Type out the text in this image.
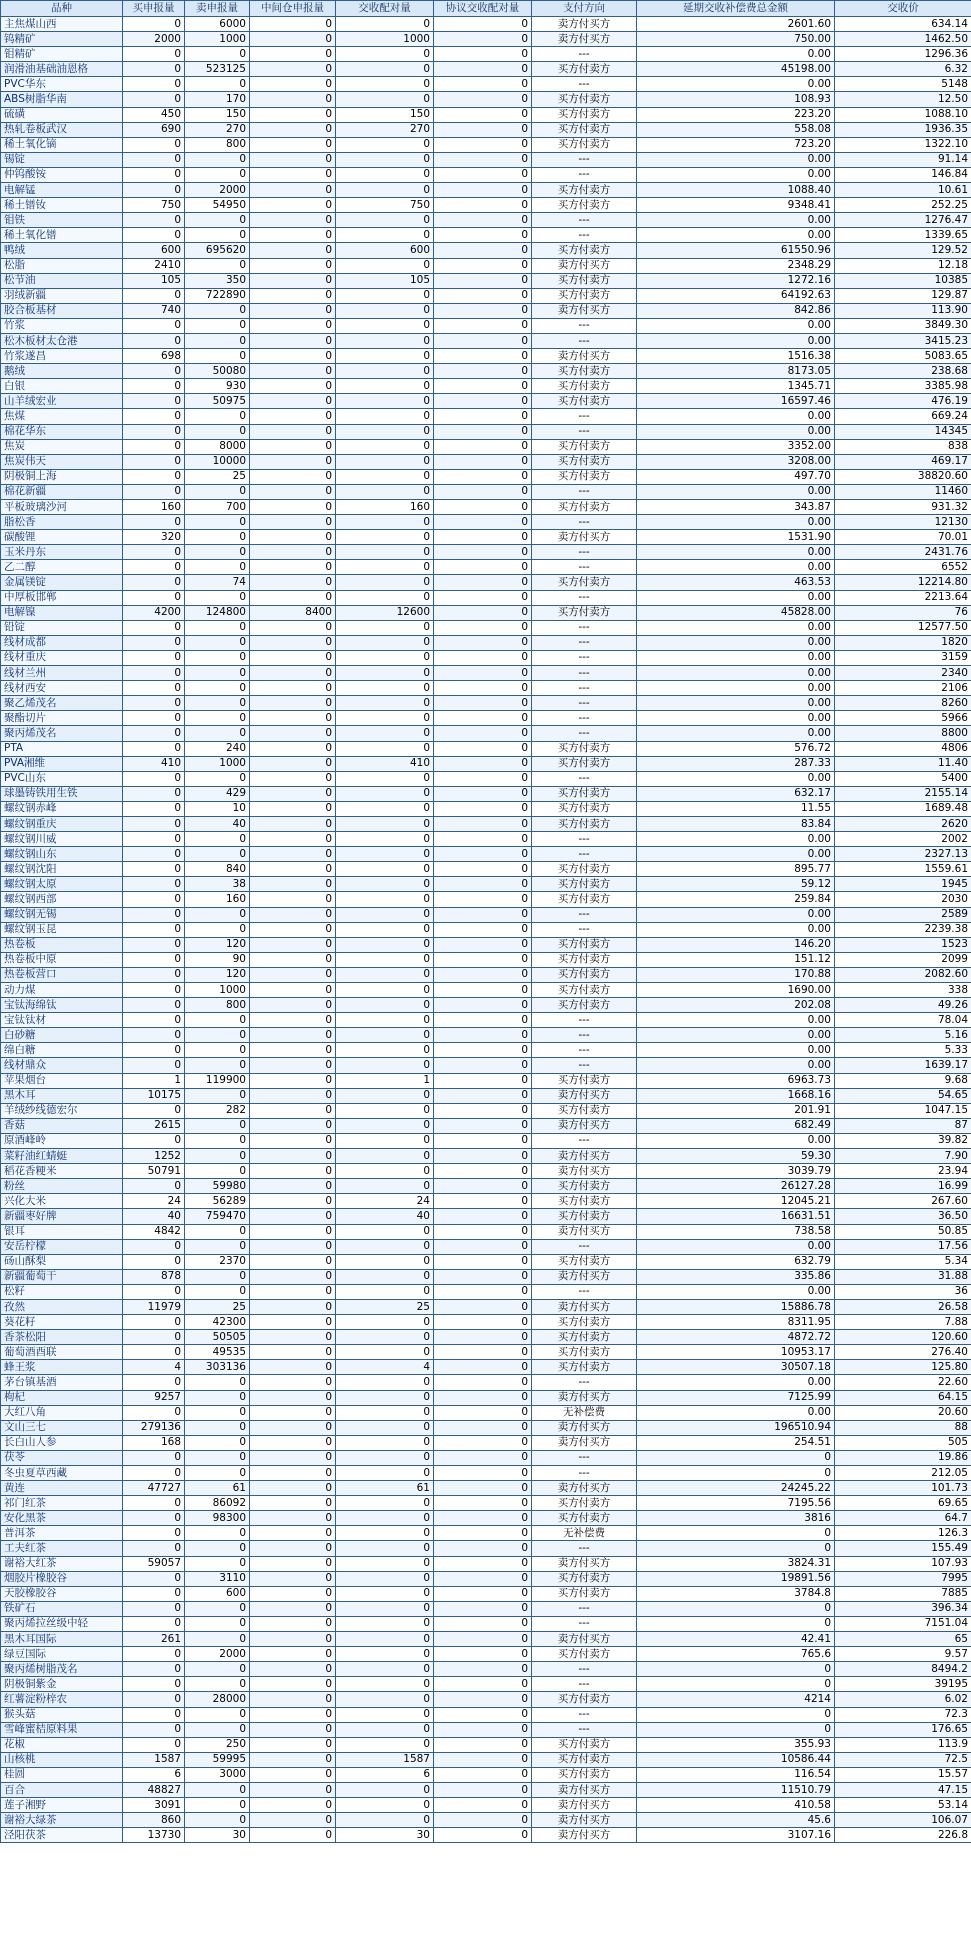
品种	买申报量	卖申报量	中间仓申报量	交收配对量	协议交收配对量	支付方向	延期交收补偿费总金额	交收价
主焦煤山西	0	6000	0	0	0	卖方付买方	2601.60	634.14
钨精矿	2000	1000	0	1000	0	卖方付买方	750.00	1462.50
钼精矿	0	0	0	0	0	---	0.00	1296.36
润滑油基础油恩格	0	523125	0	0	0	买方付卖方	45198.00	6.32
PVC华东	0	0	0	0	0	---	0.00	5148
ABS树脂华南	0	170	0	0	0	买方付卖方	108.93	12.50
硫磺	450	150	0	150	0	买方付卖方	223.20	1088.10
热轧卷板武汉	690	270	0	270	0	买方付卖方	558.08	1936.35
稀土氧化镝	0	800	0	0	0	买方付卖方	723.20	1322.10
锡锭	0	0	0	0	0	---	0.00	91.14
仲钨酸铵	0	0	0	0	0	---	0.00	146.84
电解锰	0	2000	0	0	0	买方付卖方	1088.40	10.61
稀土镨钕	750	54950	0	750	0	买方付卖方	9348.41	252.25
钼铁	0	0	0	0	0	---	0.00	1276.47
稀土氧化镨	0	0	0	0	0	---	0.00	1339.65
鸭绒	600	695620	0	600	0	买方付卖方	61550.96	129.52
松脂	2410	0	0	0	0	卖方付买方	2348.29	12.18
松节油	105	350	0	105	0	买方付卖方	1272.16	10385
羽绒新疆	0	722890	0	0	0	买方付卖方	64192.63	129.87
胶合板基材	740	0	0	0	0	卖方付买方	842.86	113.90
竹浆	0	0	0	0	0	---	0.00	3849.30
松木板材太仓港	0	0	0	0	0	---	0.00	3415.23
竹浆遂昌	698	0	0	0	0	卖方付买方	1516.38	5083.65
鹅绒	0	50080	0	0	0	买方付卖方	8173.05	238.68
白银	0	930	0	0	0	买方付卖方	1345.71	3385.98
山羊绒宏业	0	50975	0	0	0	买方付卖方	16597.46	476.19
焦煤	0	0	0	0	0	---	0.00	669.24
棉花华东	0	0	0	0	0	---	0.00	14345
焦炭	0	8000	0	0	0	买方付卖方	3352.00	838
焦炭伟天	0	10000	0	0	0	买方付卖方	3208.00	469.17
阴极铜上海	0	25	0	0	0	买方付卖方	497.70	38820.60
棉花新疆	0	0	0	0	0	---	0.00	11460
平板玻璃沙河	160	700	0	160	0	买方付卖方	343.87	931.32
脂松香	0	0	0	0	0	---	0.00	12130
碳酸锂	320	0	0	0	0	卖方付买方	1531.90	70.01
玉米丹东	0	0	0	0	0	---	0.00	2431.76
乙二醇	0	0	0	0	0	---	0.00	6552
金属镁锭	0	74	0	0	0	买方付卖方	463.53	12214.80
中厚板邯郸	0	0	0	0	0	---	0.00	2213.64
电解镍	4200	124800	8400	12600	0	买方付卖方	45828.00	76
铅锭	0	0	0	0	0	---	0.00	12577.50
线材成都	0	0	0	0	0	---	0.00	1820
线材重庆	0	0	0	0	0	---	0.00	3159
线材兰州	0	0	0	0	0	---	0.00	2340
线材西安	0	0	0	0	0	---	0.00	2106
聚乙烯茂名	0	0	0	0	0	---	0.00	8260
聚酯切片	0	0	0	0	0	---	0.00	5966
聚丙烯茂名	0	0	0	0	0	---	0.00	8800
PTA	0	240	0	0	0	买方付卖方	576.72	4806
PVA湘维	410	1000	0	410	0	买方付卖方	287.33	11.40
PVC山东	0	0	0	0	0	---	0.00	5400
球墨铸铁用生铁	0	429	0	0	0	买方付卖方	632.17	2155.14
螺纹钢赤峰	0	10	0	0	0	买方付卖方	11.55	1689.48
螺纹钢重庆	0	40	0	0	0	买方付卖方	83.84	2620
螺纹钢川威	0	0	0	0	0	---	0.00	2002
螺纹钢山东	0	0	0	0	0	---	0.00	2327.13
螺纹钢沈阳	0	840	0	0	0	买方付卖方	895.77	1559.61
螺纹钢太原	0	38	0	0	0	买方付卖方	59.12	1945
螺纹钢西部	0	160	0	0	0	买方付卖方	259.84	2030
螺纹钢无锡	0	0	0	0	0	---	0.00	2589
螺纹钢玉昆	0	0	0	0	0	---	0.00	2239.38
热卷板	0	120	0	0	0	买方付卖方	146.20	1523
热卷板中原	0	90	0	0	0	买方付卖方	151.12	2099
热卷板营口	0	120	0	0	0	买方付卖方	170.88	2082.60
动力煤	0	1000	0	0	0	买方付卖方	1690.00	338
宝钛海绵钛	0	800	0	0	0	买方付卖方	202.08	49.26
宝钛钛材	0	0	0	0	0	---	0.00	78.04
白砂糖	0	0	0	0	0	---	0.00	5.16
绵白糖	0	0	0	0	0	---	0.00	5.33
线材鼎众	0	0	0	0	0	---	0.00	1639.17
苹果烟台	1	119900	0	1	0	买方付卖方	6963.73	9.68
黑木耳	10175	0	0	0	0	卖方付买方	1668.16	54.65
羊绒纱线德宏尔	0	282	0	0	0	买方付卖方	201.91	1047.15
香菇	2615	0	0	0	0	卖方付买方	682.49	87
原酒峰岭	0	0	0	0	0	---	0.00	39.82
菜籽油红蜻蜓	1252	0	0	0	0	卖方付买方	59.30	7.90
稻花香粳米	50791	0	0	0	0	卖方付买方	3039.79	23.94
粉丝	0	59980	0	0	0	买方付卖方	26127.28	16.99
兴化大米	24	56289	0	24	0	买方付卖方	12045.21	267.60
新疆枣好牌	40	759470	0	40	0	买方付卖方	16631.51	36.50
银耳	4842	0	0	0	0	卖方付买方	738.58	50.85
安岳柠檬	0	0	0	0	0	---	0.00	17.56
砀山酥梨	0	2370	0	0	0	买方付卖方	632.79	5.34
新疆葡萄干	878	0	0	0	0	卖方付买方	335.86	31.88
松籽	0	0	0	0	0	---	0.00	36
孜然	11979	25	0	25	0	卖方付买方	15886.78	26.58
葵花籽	0	42300	0	0	0	买方付卖方	8311.95	7.88
香茶松阳	0	50505	0	0	0	买方付卖方	4872.72	120.60
葡萄酒酉联	0	49535	0	0	0	买方付卖方	10953.17	276.40
蜂王浆	4	303136	0	4	0	买方付卖方	30507.18	125.80
茅台镇基酒	0	0	0	0	0	---	0.00	22.60
枸杞	9257	0	0	0	0	卖方付买方	7125.99	64.15
大红八角	0	0	0	0	0	无补偿费	0.00	20.60
文山三七	279136	0	0	0	0	卖方付买方	196510.94	88
长白山人参	168	0	0	0	0	卖方付买方	254.51	505
茯苓	0	0	0	0	0	---	0	19.86
冬虫夏草西藏	0	0	0	0	0	---	0	212.05
黄连	47727	61	0	61	0	卖方付买方	24245.22	101.73
祁门红茶	0	86092	0	0	0	买方付卖方	7195.56	69.65
安化黑茶	0	98300	0	0	0	买方付卖方	3816	64.7
普洱茶	0	0	0	0	0	无补偿费	0	126.3
工夫红茶	0	0	0	0	0	---	0	155.49
谢裕大红茶	59057	0	0	0	0	卖方付买方	3824.31	107.93
烟胶片橡胶谷	0	3110	0	0	0	买方付卖方	19891.56	7995
天胶橡胶谷	0	600	0	0	0	买方付卖方	3784.8	7885
铁矿石	0	0	0	0	0	---	0	396.34
聚丙烯拉丝级中轻	0	0	0	0	0	---	0	7151.04
黑木耳国际	261	0	0	0	0	卖方付买方	42.41	65
绿豆国际	0	2000	0	0	0	买方付卖方	765.6	9.57
聚丙烯树脂茂名	0	0	0	0	0	---	0	8494.2
阴极铜紫金	0	0	0	0	0	---	0	39195
红薯淀粉梓农	0	28000	0	0	0	买方付卖方	4214	6.02
猴头菇	0	0	0	0	0	---	0	72.3
雪峰蜜桔原料果	0	0	0	0	0	---	0	176.65
花椒	0	250	0	0	0	买方付卖方	355.93	113.9
山核桃	1587	59995	0	1587	0	买方付卖方	10586.44	72.5
桂圆	6	3000	0	6	0	买方付卖方	116.54	15.57
百合	48827	0	0	0	0	卖方付买方	11510.79	47.15
莲子湘野	3091	0	0	0	0	卖方付买方	410.58	53.14
谢裕大绿茶	860	0	0	0	0	卖方付买方	45.6	106.07
泾阳茯茶	13730	30	0	30	0	卖方付买方	3107.16	226.8
